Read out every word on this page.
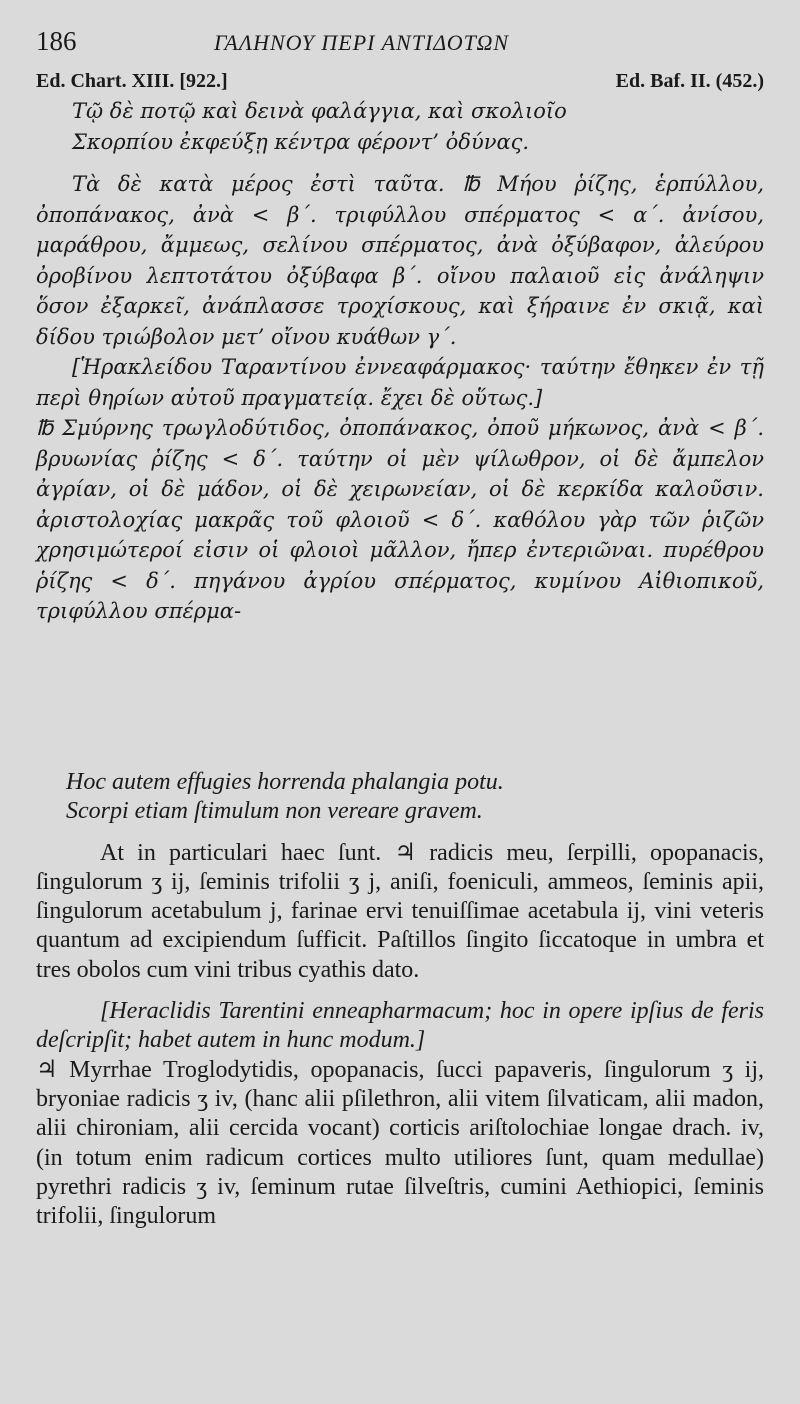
186	ΓΑΛΗΝΟΥ ΠΕΡΙ ΑΝΤΙΔΟΤΩΝ
Ed. Chart. XIII. [922.]	Ed. Baf. II. (452.)

Τῷ δὲ ποτῷ καὶ δεινὰ φαλάγγια, καὶ σκολιοῖο

Σκορπίου ἐκφεύξῃ κέντρα φέροντ’ ὀδύνας.

Τὰ δὲ κατὰ μέρος ἐστὶ ταῦτα. ℔ Μήου ῥίζης, ἑρπύλλου, ὀποπάνακος, ἀνὰ < β΄. τριφύλλου σπέρματος < α΄. ἀνίσου, μαράθρου, ἄμμεως, σελίνου σπέρματος, ἀνὰ ὀξύβαφον, ἀλεύρου ὀροβίνου λεπτοτάτου ὀξύβαφα β΄. οἴνου παλαιοῦ εἰς ἀνάληψιν ὅσον ἐξαρκεῖ, ἀνάπλασσε τροχίσκους, καὶ ξήραινε ἐν σκιᾷ, καὶ δίδου τριώβολον μετ’ οἴνου κυάθων γ΄.

[Ἡρακλείδου Ταραντίνου ἐννεαφάρμακος· ταύτην ἔθηκεν ἐν τῇ περὶ θηρίων αὐτοῦ πραγματείᾳ. ἔχει δὲ οὕτως.]

℔ Σμύρνης τρωγλοδύτιδος, ὀποπάνακος, ὀποῦ μήκωνος, ἀνὰ < β΄. βρυωνίας ῥίζης < δ΄. ταύτην οἱ μὲν ψίλωθρον, οἱ δὲ ἄμπελον ἀγρίαν, οἱ δὲ μάδον, οἱ δὲ χειρωνείαν, οἱ δὲ κερκίδα καλοῦσιν. ἀριστολοχίας μακρᾶς τοῦ φλοιοῦ < δ΄. καθόλου γὰρ τῶν ῥιζῶν χρησιμώτεροί εἰσιν οἱ φλοιοὶ μᾶλλον, ἤπερ ἐντεριῶναι. πυρέθρου ῥίζης < δ΄. πηγάνου ἀγρίου σπέρματος, κυμίνου Αἰθιοπικοῦ, τριφύλλου σπέρμα-

Hoc autem effugies horrenda phalangia potu.

Scorpi etiam ſtimulum non vereare gravem.

At in particulari haec ſunt. ♃ radicis meu, ſerpilli, opopanacis, ſingulorum ʒ ij, ſeminis trifolii ʒ j, aniſi, foeniculi, ammeos, ſeminis apii, ſingulorum acetabulum j, farinae ervi tenuiſſimae acetabula ij, vini veteris quantum ad excipiendum ſufficit. Paſtillos ſingito ſiccatoque in umbra et tres obolos cum vini tribus cyathis dato.

[Heraclidis Tarentini enneapharmacum; hoc in opere ipſius de feris deſcripſit; habet autem in hunc modum.]

♃ Myrrhae Troglodytidis, opopanacis, ſucci papaveris, ſingulorum ʒ ij, bryoniae radicis ʒ iv, (hanc alii pſilethron, alii vitem ſilvaticam, alii madon, alii chironiam, alii cercida vocant) corticis ariſtolochiae longae drach. iv, (in totum enim radicum cortices multo utiliores ſunt, quam medullae) pyrethri radicis ʒ iv, ſeminum rutae ſilveſtris, cumini Aethiopici, ſeminis trifolii, ſingulorum
